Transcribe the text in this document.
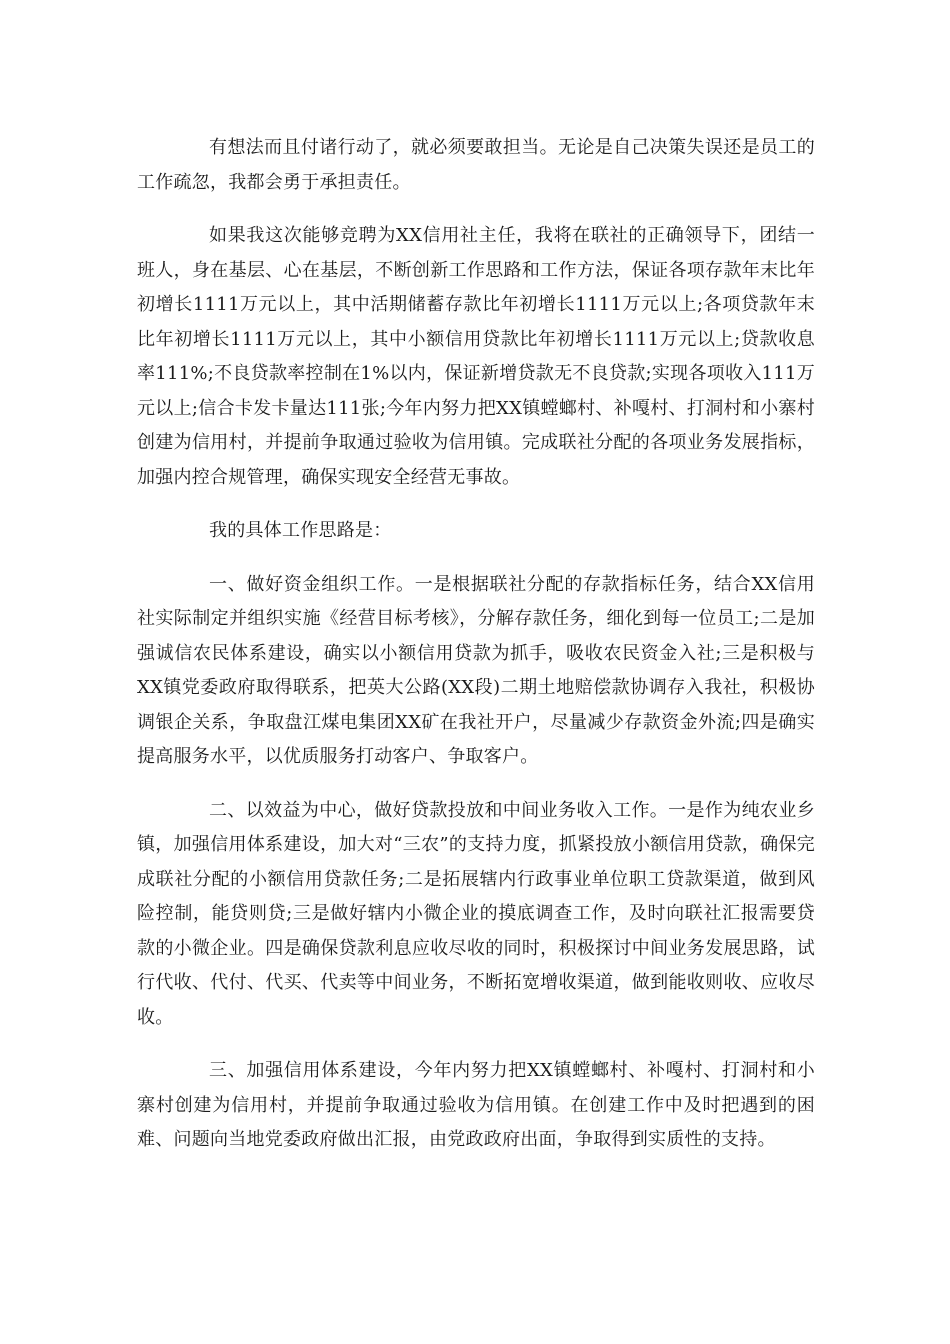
有想法而且付诸行动了，就必须要敢担当。无论是自己决策失误还是员工的工作疏忽，我都会勇于承担责任。

如果我这次能够竞聘为XX信用社主任，我将在联社的正确领导下，团结一班人，身在基层、心在基层，不断创新工作思路和工作方法，保证各项存款年末比年初增长1111万元以上，其中活期储蓄存款比年初增长1111万元以上;各项贷款年末比年初增长1111万元以上，其中小额信用贷款比年初增长1111万元以上;贷款收息率111%;不良贷款率控制在1%以内，保证新增贷款无不良贷款;实现各项收入111万元以上;信合卡发卡量达111张;今年内努力把XX镇螳螂村、补嘎村、打洞村和小寨村创建为信用村，并提前争取通过验收为信用镇。完成联社分配的各项业务发展指标，加强内控合规管理，确保实现安全经营无事故。

我的具体工作思路是：

一、做好资金组织工作。一是根据联社分配的存款指标任务，结合XX信用社实际制定并组织实施《经营目标考核》，分解存款任务，细化到每一位员工;二是加强诚信农民体系建设，确实以小额信用贷款为抓手，吸收农民资金入社;三是积极与XX镇党委政府取得联系，把英大公路(XX段)二期土地赔偿款协调存入我社，积极协调银企关系，争取盘江煤电集团XX矿在我社开户，尽量减少存款资金外流;四是确实提高服务水平，以优质服务打动客户、争取客户。

二、以效益为中心，做好贷款投放和中间业务收入工作。一是作为纯农业乡镇，加强信用体系建设，加大对“三农”的支持力度，抓紧投放小额信用贷款，确保完成联社分配的小额信用贷款任务;二是拓展辖内行政事业单位职工贷款渠道，做到风险控制，能贷则贷;三是做好辖内小微企业的摸底调查工作，及时向联社汇报需要贷款的小微企业。四是确保贷款利息应收尽收的同时，积极探讨中间业务发展思路，试行代收、代付、代买、代卖等中间业务，不断拓宽增收渠道，做到能收则收、应收尽收。

三、加强信用体系建设，今年内努力把XX镇螳螂村、补嘎村、打洞村和小寨村创建为信用村，并提前争取通过验收为信用镇。在创建工作中及时把遇到的困难、问题向当地党委政府做出汇报，由党政政府出面，争取得到实质性的支持。
